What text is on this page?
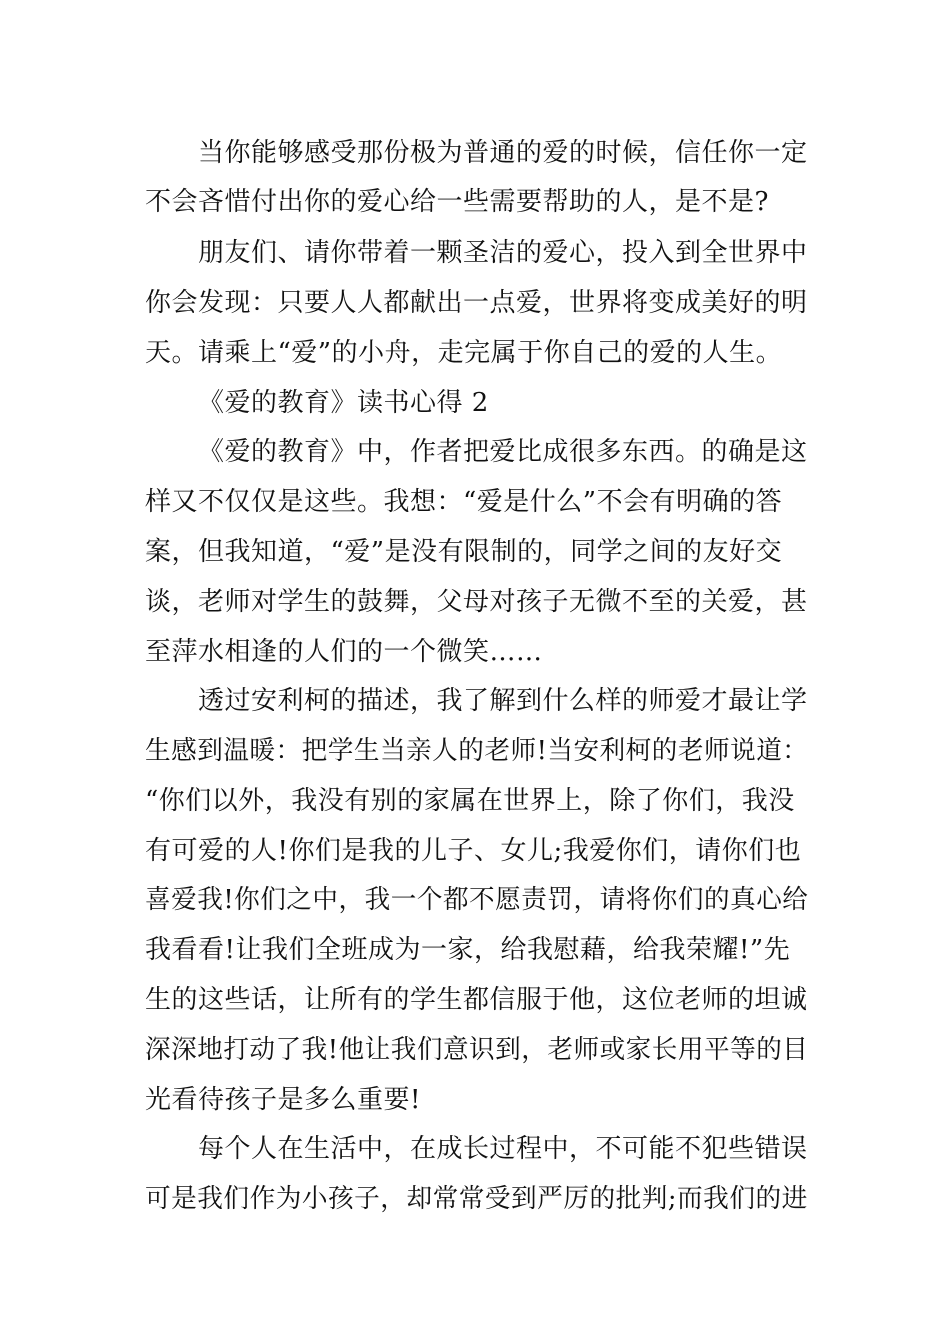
当你能够感受那份极为普通的爱的时候，信任你一定
不会吝惜付出你的爱心给一些需要帮助的人，是不是?
朋友们、请你带着一颗圣洁的爱心，投入到全世界中
你会发现：只要人人都献出一点爱，世界将变成美好的明
天。请乘上“爱”的小舟，走完属于你自己的爱的人生。
《爱的教育》读书心得 2
《爱的教育》中，作者把爱比成很多东西。的确是这
样又不仅仅是这些。我想：“爱是什么”不会有明确的答
案，但我知道，“爱”是没有限制的，同学之间的友好交
谈，老师对学生的鼓舞，父母对孩子无微不至的关爱，甚
至萍水相逢的人们的一个微笑……
透过安利柯的描述，我了解到什么样的师爱才最让学
生感到温暖：把学生当亲人的老师!当安利柯的老师说道：
“你们以外，我没有别的家属在世界上，除了你们，我没
有可爱的人!你们是我的儿子、女儿;我爱你们，请你们也
喜爱我!你们之中，我一个都不愿责罚，请将你们的真心给
我看看!让我们全班成为一家，给我慰藉，给我荣耀!”先
生的这些话，让所有的学生都信服于他，这位老师的坦诚
深深地打动了我!他让我们意识到，老师或家长用平等的目
光看待孩子是多么重要!
每个人在生活中，在成长过程中，不可能不犯些错误
可是我们作为小孩子，却常常受到严厉的批判;而我们的进
